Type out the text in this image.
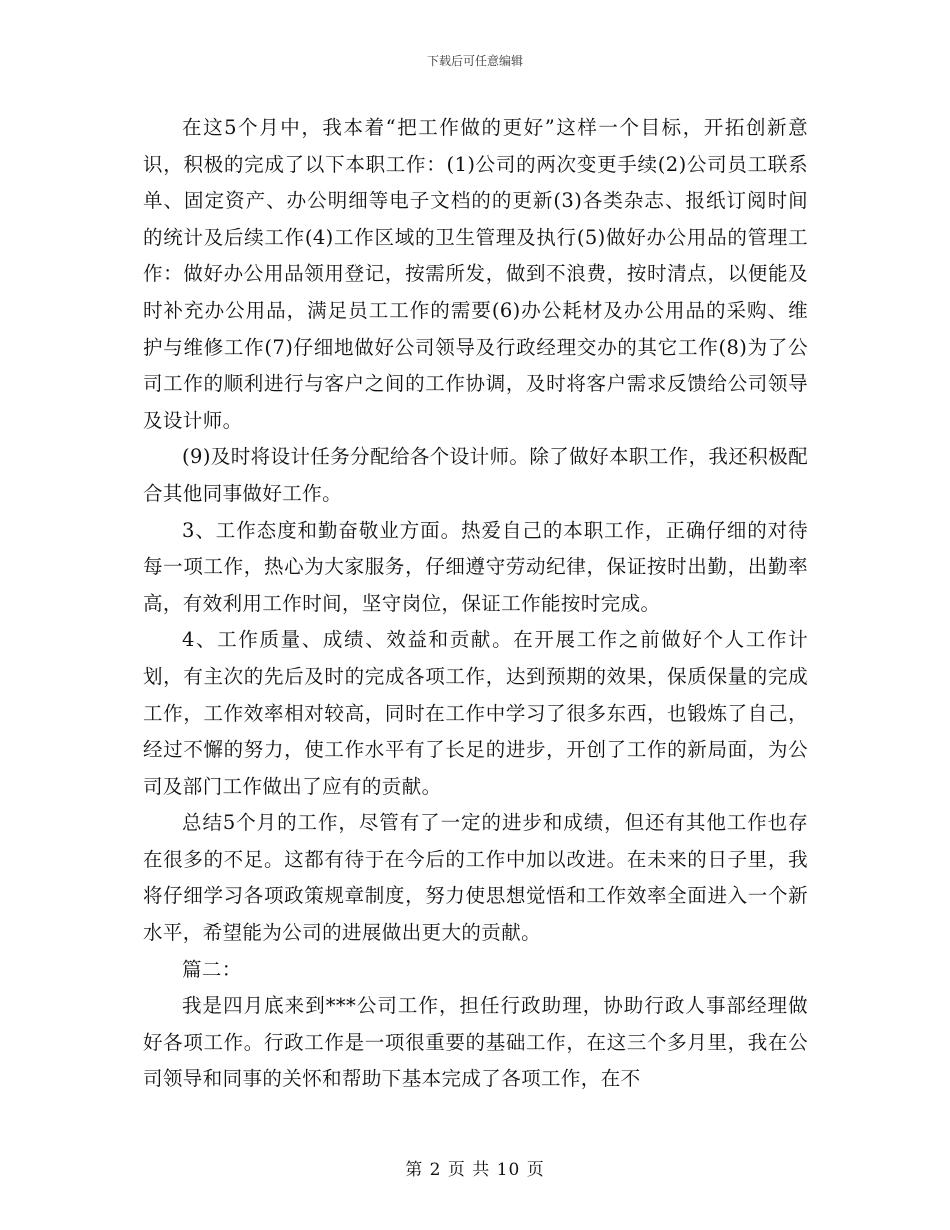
下载后可任意编辑

在这5个月中，我本着“把工作做的更好”这样一个目标，开拓创新意识，积极的完成了以下本职工作：(1)公司的两次变更手续(2)公司员工联系单、固定资产、办公明细等电子文档的的更新(3)各类杂志、报纸订阅时间的统计及后续工作(4)工作区域的卫生管理及执行(5)做好办公用品的管理工作：做好办公用品领用登记，按需所发，做到不浪费，按时清点，以便能及时补充办公用品，满足员工工作的需要(6)办公耗材及办公用品的采购、维护与维修工作(7)仔细地做好公司领导及行政经理交办的其它工作(8)为了公司工作的顺利进行与客户之间的工作协调，及时将客户需求反馈给公司领导及设计师。

(9)及时将设计任务分配给各个设计师。除了做好本职工作，我还积极配合其他同事做好工作。

3、工作态度和勤奋敬业方面。热爱自己的本职工作，正确仔细的对待每一项工作，热心为大家服务，仔细遵守劳动纪律，保证按时出勤，出勤率高，有效利用工作时间，坚守岗位，保证工作能按时完成。

4、工作质量、成绩、效益和贡献。在开展工作之前做好个人工作计划，有主次的先后及时的完成各项工作，达到预期的效果，保质保量的完成工作，工作效率相对较高，同时在工作中学习了很多东西，也锻炼了自己，经过不懈的努力，使工作水平有了长足的进步，开创了工作的新局面，为公司及部门工作做出了应有的贡献。

总结5个月的工作，尽管有了一定的进步和成绩，但还有其他工作也存在很多的不足。这都有待于在今后的工作中加以改进。在未来的日子里，我将仔细学习各项政策规章制度，努力使思想觉悟和工作效率全面进入一个新水平，希望能为公司的进展做出更大的贡献。

篇二：

我是四月底来到***公司工作，担任行政助理，协助行政人事部经理做好各项工作。行政工作是一项很重要的基础工作，在这三个多月里，我在公司领导和同事的关怀和帮助下基本完成了各项工作，在不

第 2 页 共 10 页
